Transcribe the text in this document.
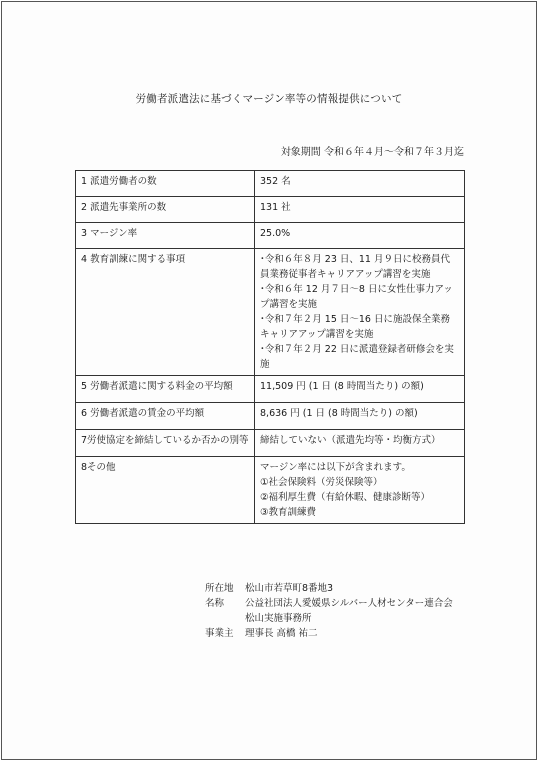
労働者派遣法に基づくマージン率等の情報提供について
対象期間 令和６年４月〜令和７年３月迄
1 派遣労働者の数	352 名
2 派遣先事業所の数	131 社
3 マージン率	25.0%
4 教育訓練に関する事項	･令和６年８月 23 日、11 月９日に校務員代員業務従事者キャリアアップ講習を実施
･令和６年 12 月７日〜8 日に女性仕事力アップ講習を実施
･令和７年２月 15 日〜16 日に施設保全業務キャリアアップ講習を実施
･令和７年２月 22 日に派遣登録者研修会を実施

5 労働者派遣に関する料金の平均額	11,509 円 (1 日 (8 時間当たり) の額)
6 労働者派遣の賃金の平均額	8,636 円 (1 日 (8 時間当たり) の額)
7労使協定を締結しているか否かの別等	締結していない（派遣先均等・均衡方式）
8その他	マージン率には以下が含まれます。
①社会保険料（労災保険等）
②福利厚生費（有給休暇、健康診断等）
③教育訓練費
所在地	松山市若草町8番地3
名称	公益社団法人愛媛県シルバー人材センター連合会
松山実施事務所
事業主	理事長 高橋 祐二
